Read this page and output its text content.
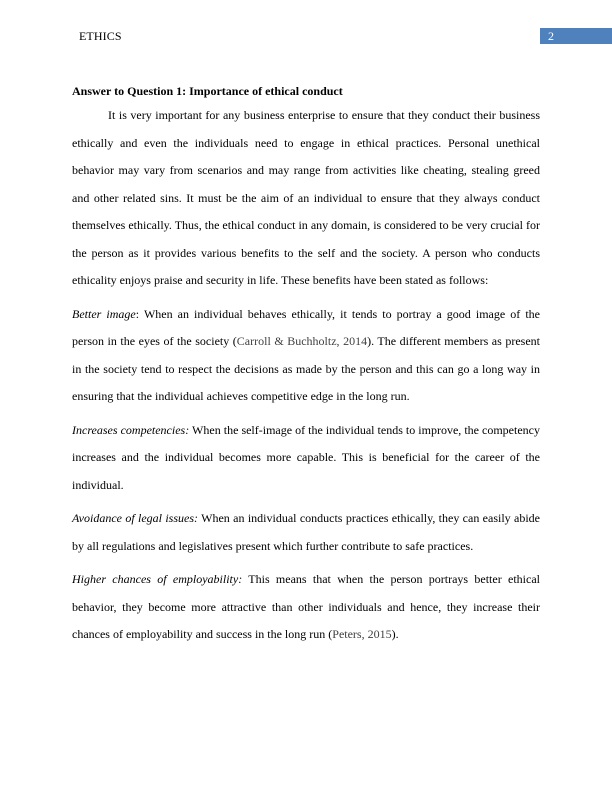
ETHICS	2

Answer to Question 1: Importance of ethical conduct

It is very important for any business enterprise to ensure that they conduct their business ethically and even the individuals need to engage in ethical practices. Personal unethical behavior may vary from scenarios and may range from activities like cheating, stealing greed and other related sins. It must be the aim of an individual to ensure that they always conduct themselves ethically. Thus, the ethical conduct in any domain, is considered to be very crucial for the person as it provides various benefits to the self and the society. A person who conducts ethicality enjoys praise and security in life. These benefits have been stated as follows:

Better image: When an individual behaves ethically, it tends to portray a good image of the person in the eyes of the society (Carroll & Buchholtz, 2014). The different members as present in the society tend to respect the decisions as made by the person and this can go a long way in ensuring that the individual achieves competitive edge in the long run.

Increases competencies: When the self-image of the individual tends to improve, the competency increases and the individual becomes more capable. This is beneficial for the career of the individual.

Avoidance of legal issues: When an individual conducts practices ethically, they can easily abide by all regulations and legislatives present which further contribute to safe practices.

Higher chances of employability: This means that when the person portrays better ethical behavior, they become more attractive than other individuals and hence, they increase their chances of employability and success in the long run (Peters, 2015).
